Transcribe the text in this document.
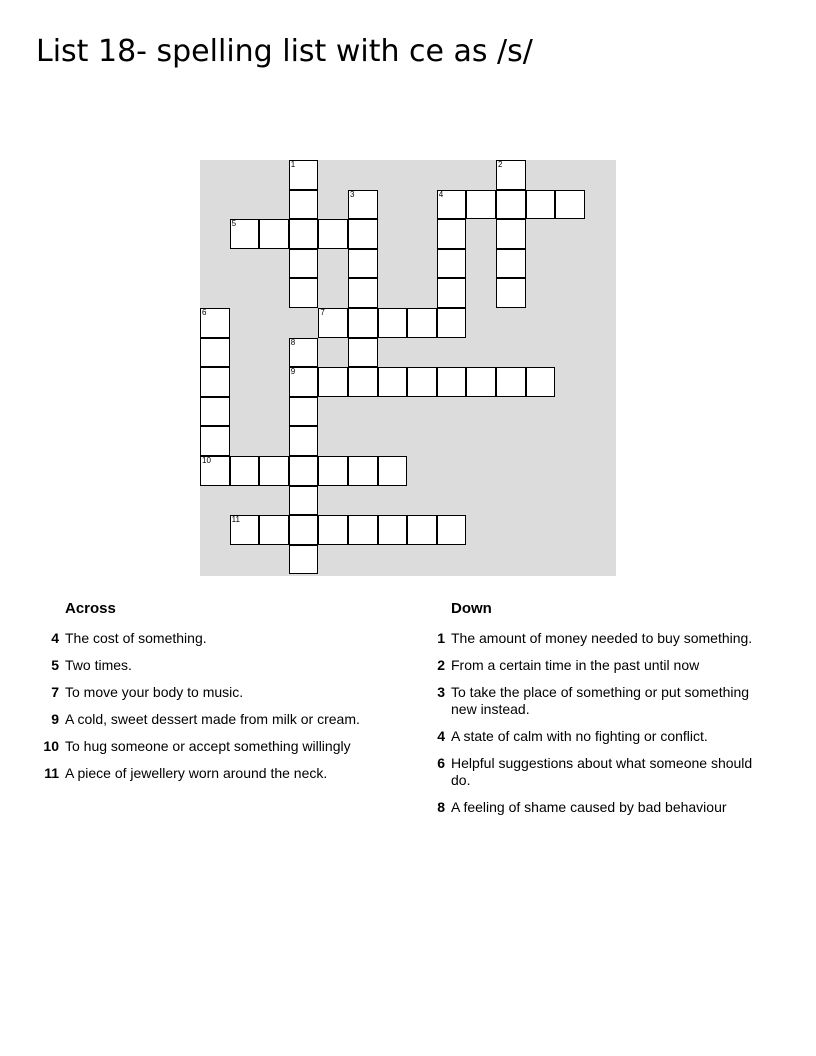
List 18- spelling list with ce as /s/
1	2
3	4
5
6	7
8
9
10
11
Across
4 The cost of something.
5 Two times.
7 To move your body to music.
9 A cold, sweet dessert made from milk or cream.
10 To hug someone or accept something willingly
11 A piece of jewellery worn around the neck.
Down
1 The amount of money needed to buy something.
2 From a certain time in the past until now
3 To take the place of something or put something new instead.
4 A state of calm with no fighting or conflict.
6 Helpful suggestions about what someone should do.
8 A feeling of shame caused by bad behaviour
